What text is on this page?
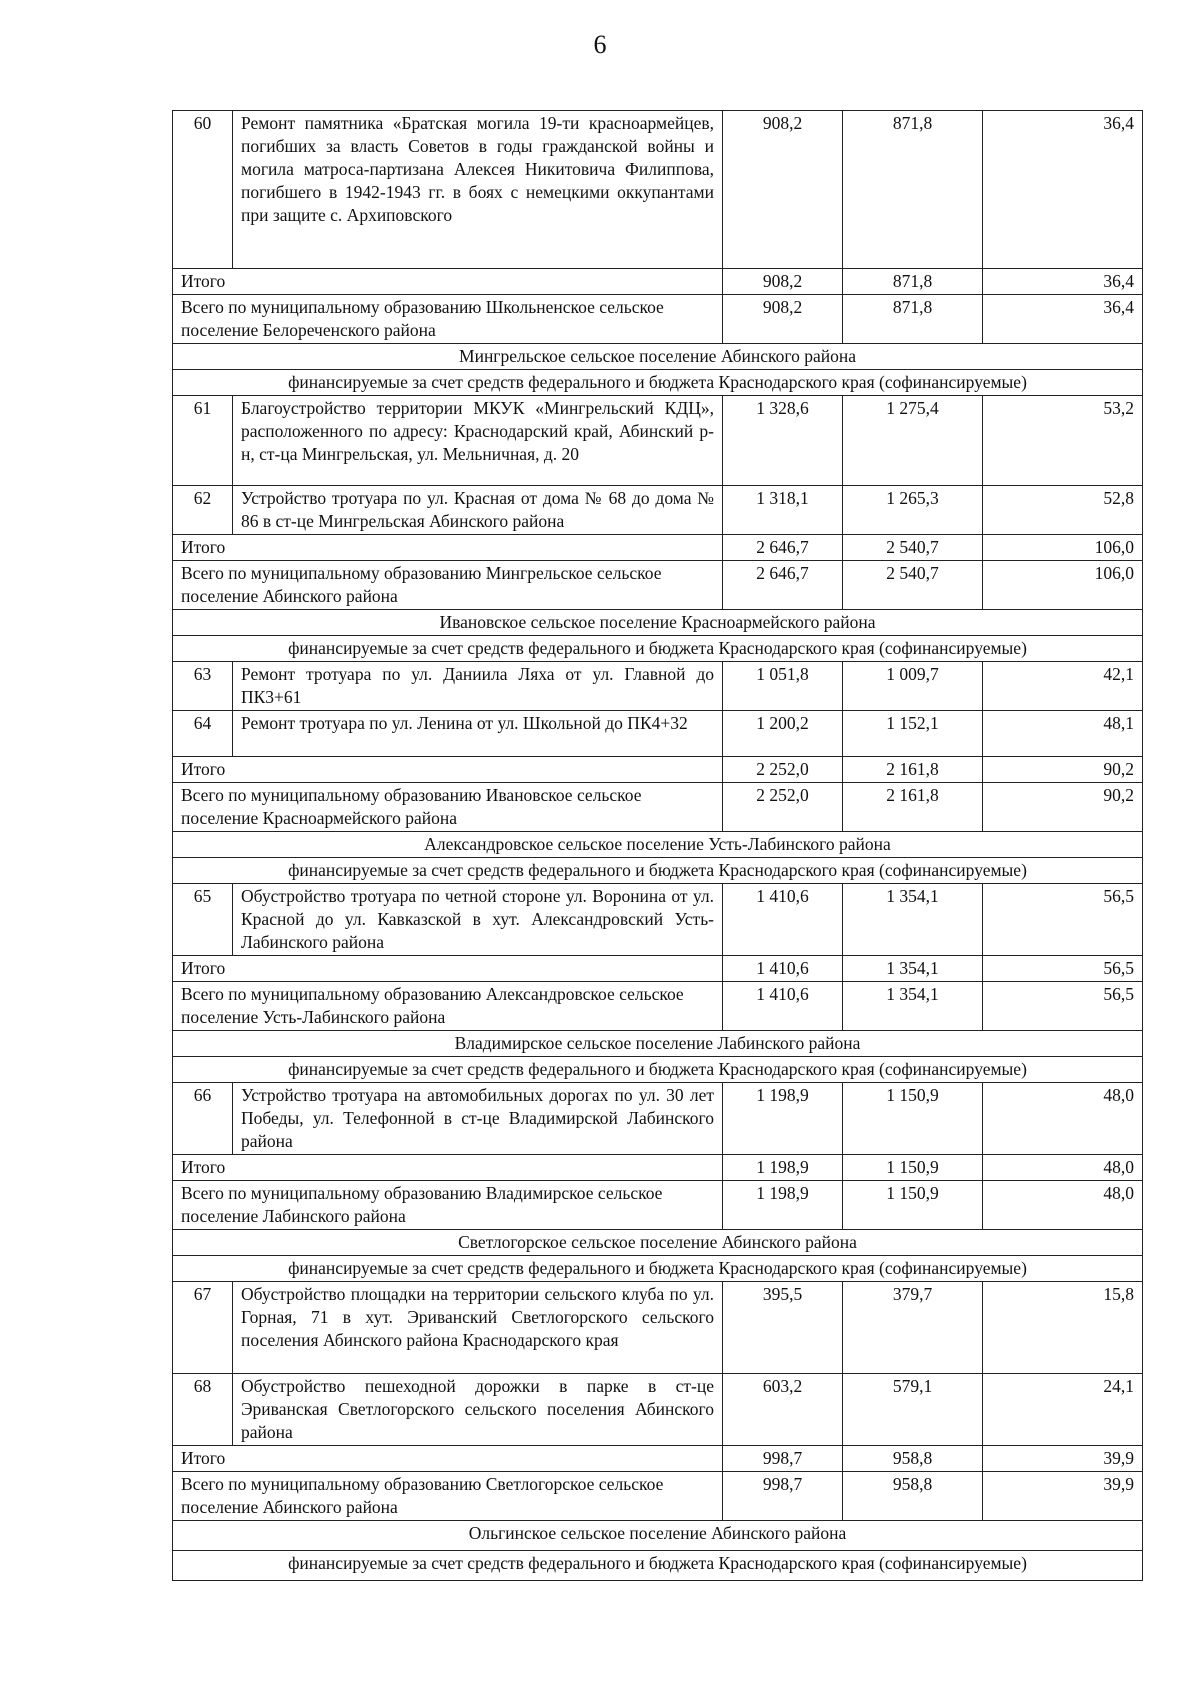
6
60	Ремонт памятника «Братская могила 19-ти красноармейцев, погибших за власть Советов в годы гражданской войны и могила матроса-партизана Алексея Никитовича Филиппова, погибшего в 1942-1943 гг. в боях с немецкими оккупантами при защите с. Архиповского	908,2	871,8	36,4
Итого		908,2	871,8	36,4
Всего по муниципальному образованию Школьненское сельское поселение Белореченского района		908,2	871,8	36,4
Мингрельское сельское поселение Абинского района				
финансируемые за счет средств федерального и бюджета Краснодарского края (софинансируемые)				
61	Благоустройство территории МКУК «Мингрельский КДЦ», расположенного по адресу: Краснодарский край, Абинский р-н, ст-ца Мингрельская, ул. Мельничная, д. 20	1 328,6	1 275,4	53,2
62	Устройство тротуара по ул. Красная от дома № 68 до дома № 86 в ст-це Мингрельская Абинского района	1 318,1	1 265,3	52,8
Итого		2 646,7	2 540,7	106,0
Всего по муниципальному образованию Мингрельское сельское поселение Абинского района		2 646,7	2 540,7	106,0
Ивановское сельское поселение Красноармейского района				
финансируемые за счет средств федерального и бюджета Краснодарского края (софинансируемые)				
63	Ремонт тротуара по ул. Даниила Ляха от ул. Главной до ПК3+61	1 051,8	1 009,7	42,1
64	Ремонт тротуара по ул. Ленина от ул. Школьной до ПК4+32	1 200,2	1 152,1	48,1
Итого		2 252,0	2 161,8	90,2
Всего по муниципальному образованию Ивановское сельское поселение Красноармейского района		2 252,0	2 161,8	90,2
Александровское сельское поселение Усть-Лабинского района				
финансируемые за счет средств федерального и бюджета Краснодарского края (софинансируемые)				
65	Обустройство тротуара по четной стороне ул. Воронина от ул. Красной до ул. Кавказской в хут. Александровский Усть-Лабинского района	1 410,6	1 354,1	56,5
Итого		1 410,6	1 354,1	56,5
Всего по муниципальному образованию Александровское сельское поселение Усть-Лабинского района		1 410,6	1 354,1	56,5
Владимирское сельское поселение Лабинского района				
финансируемые за счет средств федерального и бюджета Краснодарского края (софинансируемые)				
66	Устройство тротуара на автомобильных дорогах по ул. 30 лет Победы, ул. Телефонной в ст-це Владимирской Лабинского района	1 198,9	1 150,9	48,0
Итого		1 198,9	1 150,9	48,0
Всего по муниципальному образованию Владимирское сельское поселение Лабинского района		1 198,9	1 150,9	48,0
Светлогорское сельское поселение Абинского района				
финансируемые за счет средств федерального и бюджета Краснодарского края (софинансируемые)				
67	Обустройство площадки на территории сельского клуба по ул. Горная, 71 в хут. Эриванский Светлогорского сельского поселения Абинского района Краснодарского края	395,5	379,7	15,8
68	Обустройство пешеходной дорожки в парке в ст-це Эриванская Светлогорского сельского поселения Абинского района	603,2	579,1	24,1
Итого		998,7	958,8	39,9
Всего по муниципальному образованию Светлогорское сельское поселение Абинского района		998,7	958,8	39,9
Ольгинское сельское поселение Абинского района				
финансируемые за счет средств федерального и бюджета Краснодарского края (софинансируемые)				
